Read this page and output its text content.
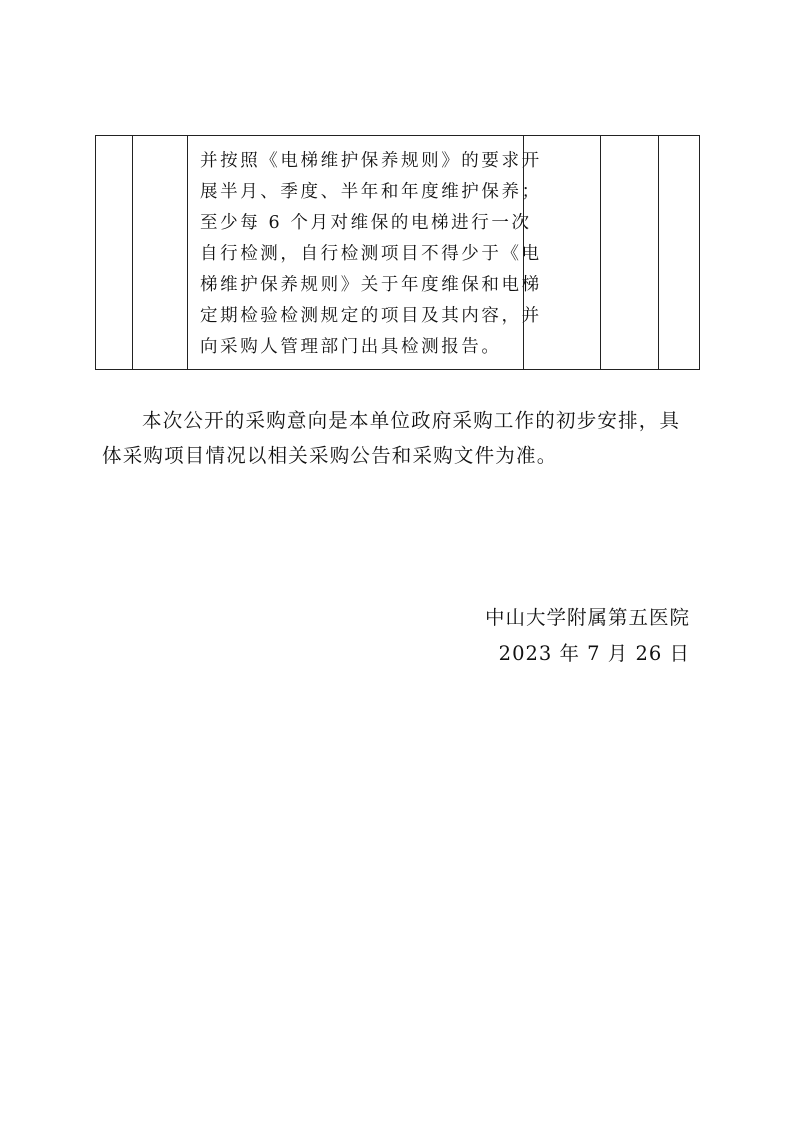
并按照《电梯维护保养规则》的要求开
展半月、季度、半年和年度维护保养；
至少每 6 个月对维保的电梯进行一次
自行检测，自行检测项目不得少于《电
梯维护保养规则》关于年度维保和电梯
定期检验检测规定的项目及其内容，并
向采购人管理部门出具检测报告。

本次公开的采购意向是本单位政府采购工作的初步安排，具
体采购项目情况以相关采购公告和采购文件为准。
中山大学附属第五医院
2023 年 7 月 26 日
